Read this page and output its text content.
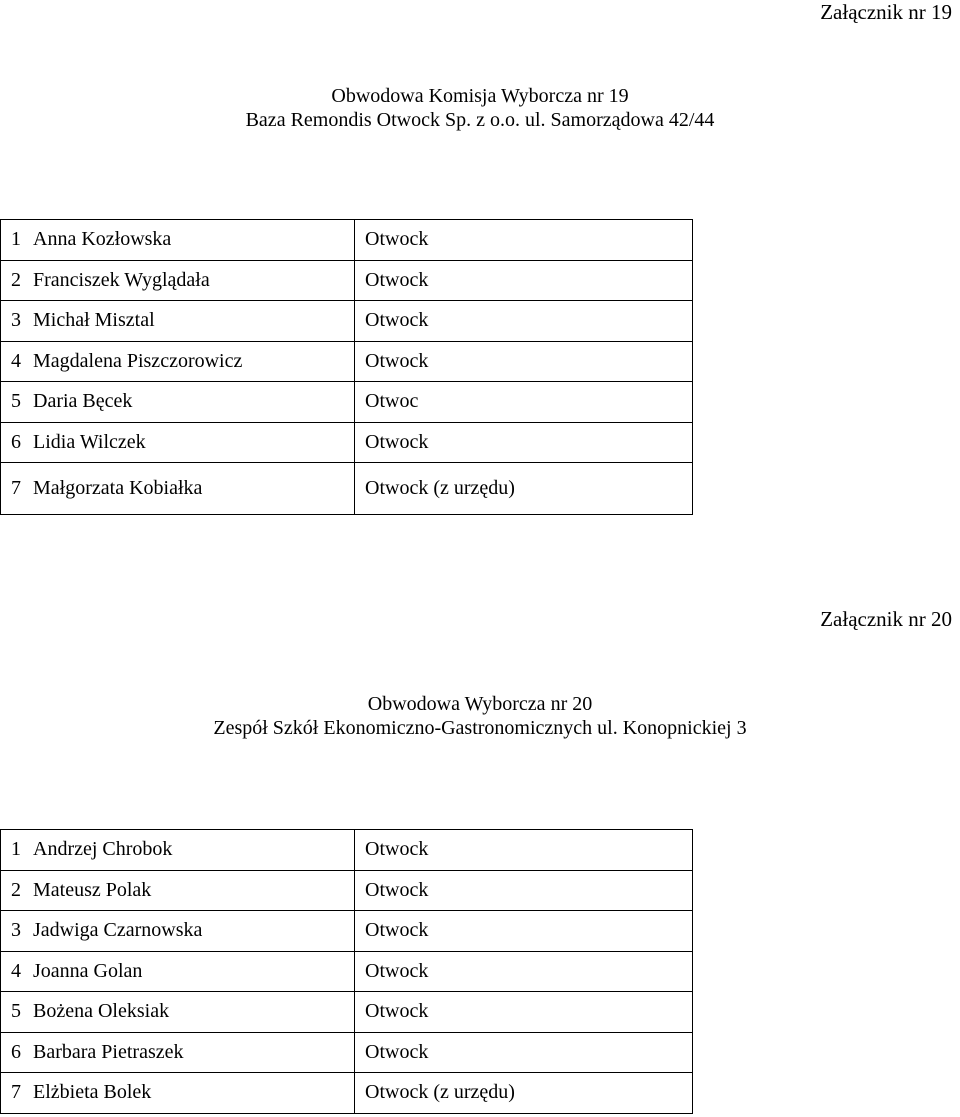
Załącznik nr 19
Obwodowa Komisja Wyborcza nr 19
Baza Remondis Otwock Sp. z o.o. ul. Samorządowa 42/44
1 Anna Kozłowska	Otwock
2 Franciszek Wyglądała	Otwock
3 Michał Misztal	Otwock
4 Magdalena Piszczorowicz	Otwock
5 Daria Bęcek	Otwoc
6 Lidia Wilczek	Otwock
7 Małgorzata Kobiałka	Otwock (z urzędu)
Załącznik nr 20
Obwodowa Wyborcza nr 20
Zespół Szkół Ekonomiczno-Gastronomicznych ul. Konopnickiej 3
1 Andrzej Chrobok	Otwock
2 Mateusz Polak	Otwock
3 Jadwiga Czarnowska	Otwock
4 Joanna Golan	Otwock
5 Bożena Oleksiak	Otwock
6 Barbara Pietraszek	Otwock
7 Elżbieta Bolek	Otwock (z urzędu)
